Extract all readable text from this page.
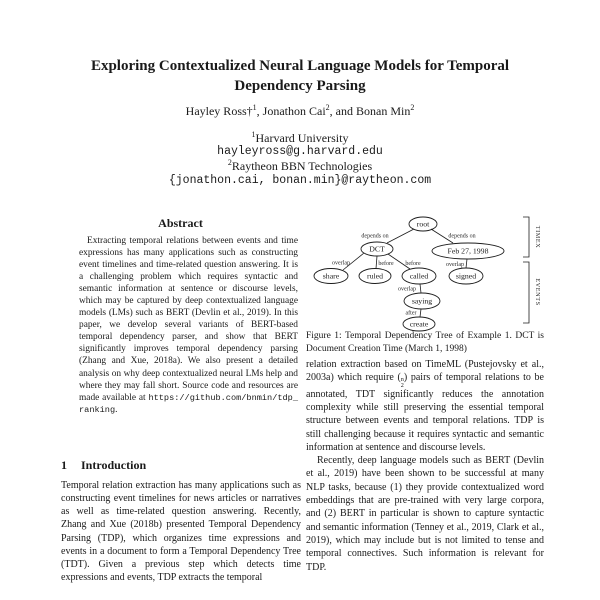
Exploring Contextualized Neural Language Models for Temporal
Dependency Parsing
Hayley Ross†$^1$, Jonathon Cai$^2$, and Bonan Min$^2$
$^1$Harvard University
hayleyross@g.harvard.edu
$^2$Raytheon BBN Technologies
{jonathon.cai, bonan.min}@raytheon.com
Abstract

Extracting temporal relations between events and time expressions has many applications such as constructing event timelines and time-related question answering. It is a challenging problem which requires syntactic and semantic information at sentence or discourse levels, which may be captured by deep contextualized language models (LMs) such as BERT (Devlin et al., 2019). In this paper, we develop several variants of BERT-based temporal dependency parser, and show that BERT significantly improves temporal dependency parsing (Zhang and Xue, 2018a). We also present a detailed analysis on why deep contextualized neural LMs help and where they may fall short. Source code and resources are made available at https://github.com/bnmin/tdp_ranking.

1 Introduction

Temporal relation extraction has many applications such as constructing event timelines for news articles or narratives as well as time-related question answering. Recently, Zhang and Xue (2018b) presented Temporal Dependency Parsing (TDP), which organizes time expressions and events in a document to form a Temporal Dependency Tree (TDT). Given a previous step which detects time expressions and events, TDP extracts the temporal

root
DCT	Feb 27, 1998
share	ruled	called	signed
saying
create
depends on	depends on
overlap	before before	overlap
overlap
after
TIMEX
EVENTS
Figure 1: Temporal Dependency Tree of Example 1. DCT is Document Creation Time (March 1, 1998)

relation extraction based on TimeML (Pustejovsky et al., 2003a) which require ( n
2
) pairs of temporal relations to be annotated, TDT significantly reduces the annotation complexity while still preserving the essential temporal structure between events and temporal relations. TDP is still challenging because it requires syntactic and semantic information at sentence and discourse levels.

Recently, deep language models such as BERT (Devlin et al., 2019) have been shown to be successful at many NLP tasks, because (1) they provide contextualized word embeddings that are pre-trained with very large corpora, and (2) BERT in particular is shown to capture syntactic and semantic information (Tenney et al., 2019, Clark et al., 2019), which may include but is not limited to tense and temporal connectives. Such information is relevant for TDP.
